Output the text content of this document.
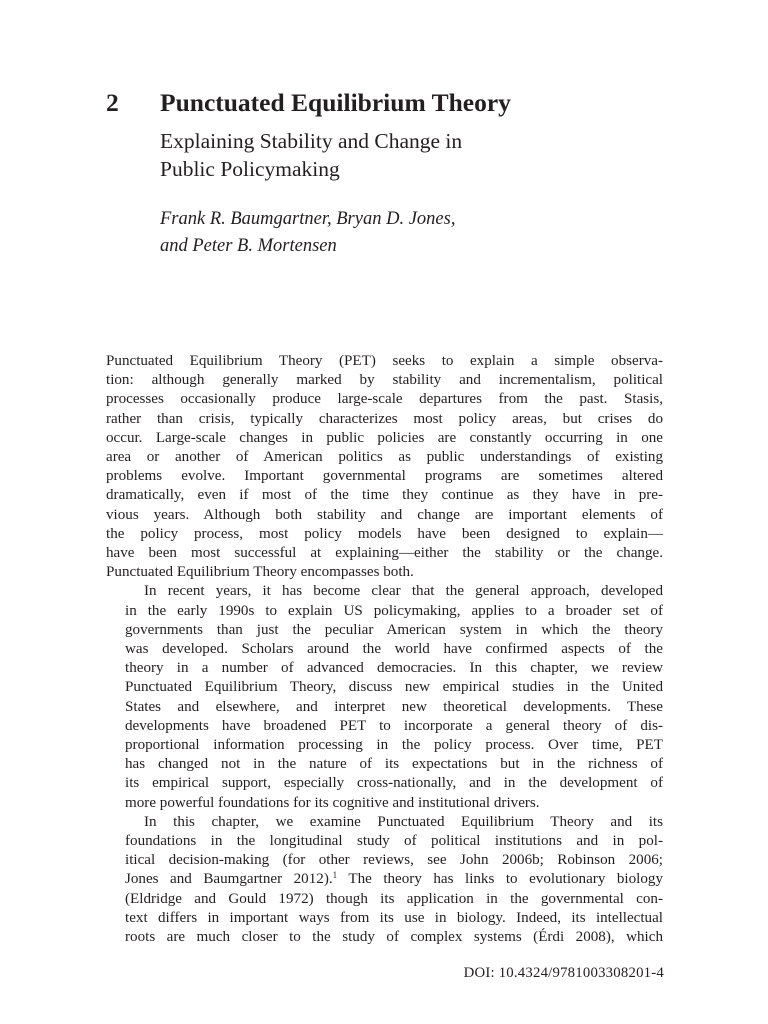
2 Punctuated Equilibrium Theory
Explaining Stability and Change in
Public Policymaking
Frank R. Baumgartner, Bryan D. Jones,
and Peter B. Mortensen

Punctuated Equilibrium Theory (PET) seeks to explain a simple observa-
tion: although generally marked by stability and incrementalism, political
processes occasionally produce large-scale departures from the past. Stasis,
rather than crisis, typically characterizes most policy areas, but crises do
occur. Large-scale changes in public policies are constantly occurring in one
area or another of American politics as public understandings of existing
problems evolve. Important governmental programs are sometimes altered
dramatically, even if most of the time they continue as they have in pre-
vious years. Although both stability and change are important elements of
the policy process, most policy models have been designed to explain—
have been most successful at explaining—either the stability or the change.
Punctuated Equilibrium Theory encompasses both.

In recent years, it has become clear that the general approach, developed
in the early 1990s to explain US policymaking, applies to a broader set of
governments than just the peculiar American system in which the theory
was developed. Scholars around the world have confirmed aspects of the
theory in a number of advanced democracies. In this chapter, we review
Punctuated Equilibrium Theory, discuss new empirical studies in the United
States and elsewhere, and interpret new theoretical developments. These
developments have broadened PET to incorporate a general theory of dis-
proportional information processing in the policy process. Over time, PET
has changed not in the nature of its expectations but in the richness of
its empirical support, especially cross-nationally, and in the development of
more powerful foundations for its cognitive and institutional drivers.

In this chapter, we examine Punctuated Equilibrium Theory and its
foundations in the longitudinal study of political institutions and in pol-
itical decision-making (for other reviews, see John 2006b; Robinson 2006;
Jones and Baumgartner 2012).$^1$ The theory has links to evolutionary biology
(Eldridge and Gould 1972) though its application in the governmental con-
text differs in important ways from its use in biology. Indeed, its intellectual
roots are much closer to the study of complex systems (Érdi 2008), which

DOI: 10.4324/9781003308201-4
